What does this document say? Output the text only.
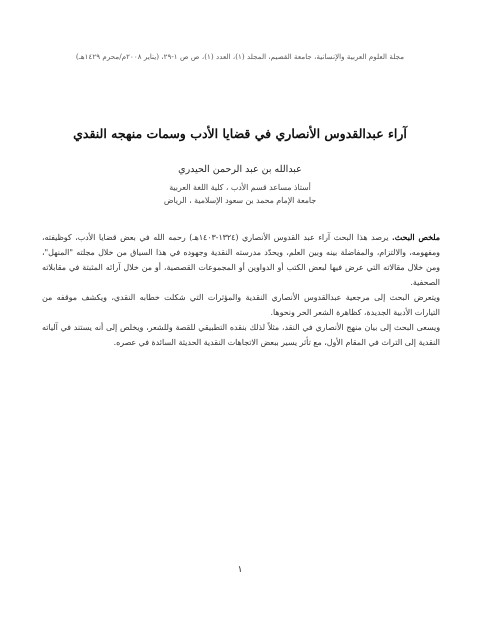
مجلة العلوم العربية والإنسانية، جامعة القصيم، المجلد (١)، العدد (١)، ص ص ١-٢٩، (يناير ٢٠٠٨م/محرم ١٤٢٩هـ)
آراء عبدالقدوس الأنصاري في قضايا الأدب وسمات منهجه النقدي
عبدالله بن عبد الرحمن الحيدري
أستاذ مساعد قسم الأدب ، كلية اللغة العربية
جامعة الإمام محمد بن سعود الإسلامية ، الرياض

ملخص البحث. يرصد هذا البحث آراء عبد القدوس الأنصاري (١٣٢٤-١٤٠٣هـ) رحمه الله في بعض قضايا الأدب، كوظيفته، ومفهومه، والالتزام، والمفاضلة بينه وبين العلم، ويحدّد مدرسته النقدية وجهوده في هذا السياق من خلال مجلته "المنهل"، ومن خلال مقالاته التي عرض فيها لبعض الكتب أو الدواوين أو المجموعات القصصية، أو من خلال آرائه المثبتة في مقابلاته الصحفية.

ويتعرض البحث إلى مرجعية عبدالقدوس الأنصاري النقدية والمؤثرات التي شكلت خطابه النقدي، ويكشف موقفه من التيارات الأدبية الجديدة، كظاهرة الشعر الحر ونحوها.

ويسعى البحث إلى بيان منهج الأنصاري في النقد، مثلاً لذلك بنقده التطبيقي للقصة وللشعر، ويخلص إلى أنه يستند في آلياته النقدية إلى التراث في المقام الأول، مع تأثر يسير ببعض الاتجاهات النقدية الحديثة السائدة في عصره.

١
